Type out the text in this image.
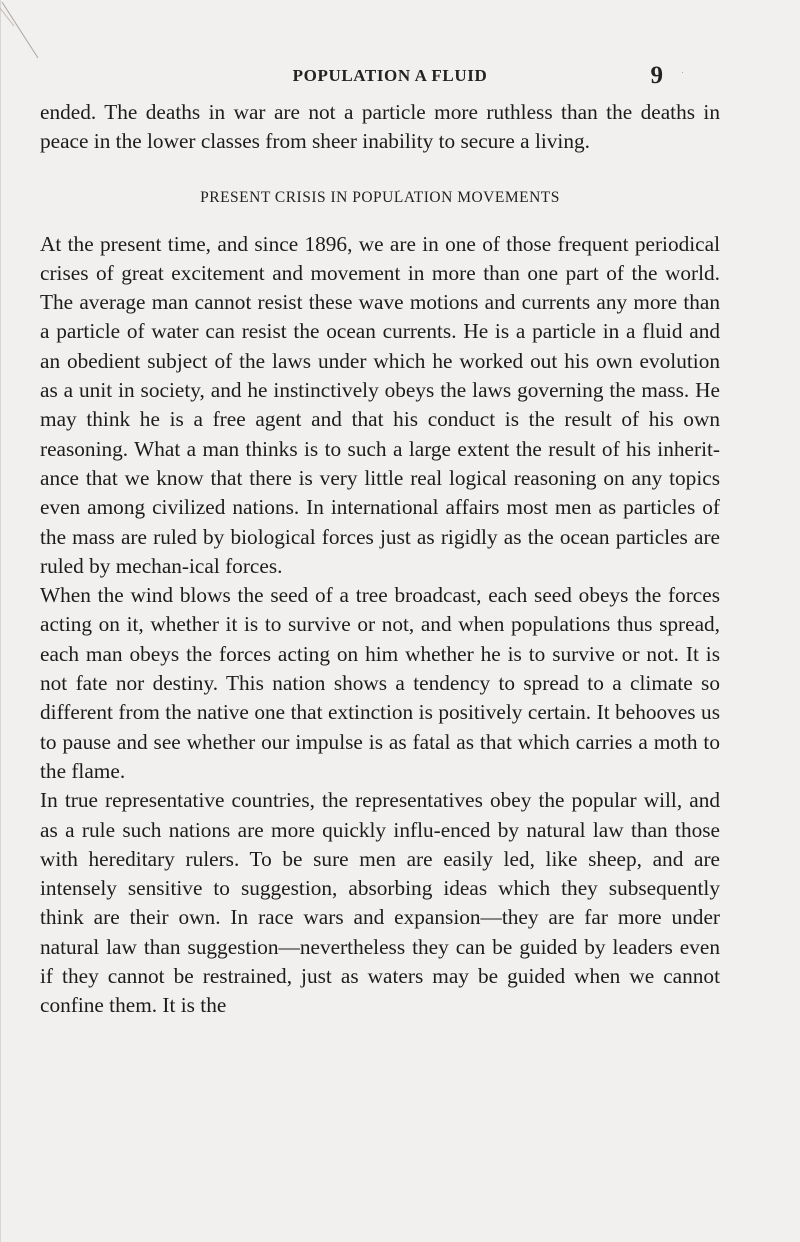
POPULATION A FLUID	9

ended. The deaths in war are not a particle more ruthless than the deaths in peace in the lower classes from sheer inability to secure a living.

PRESENT CRISIS IN POPULATION MOVEMENTS

At the present time, and since 1896, we are in one of those frequent periodical crises of great excitement and movement in more than one part of the world. The average man cannot resist these wave motions and currents any more than a particle of water can resist the ocean currents. He is a particle in a fluid and an obedient subject of the laws under which he worked out his own evolution as a unit in society, and he instinctively obeys the laws governing the mass. He may think he is a free agent and that his conduct is the result of his own reasoning. What a man thinks is to such a large extent the result of his inherit-ance that we know that there is very little real logical reasoning on any topics even among civilized nations. In international affairs most men as particles of the mass are ruled by biological forces just as rigidly as the ocean particles are ruled by mechan-ical forces.

When the wind blows the seed of a tree broadcast, each seed obeys the forces acting on it, whether it is to survive or not, and when populations thus spread, each man obeys the forces acting on him whether he is to survive or not. It is not fate nor destiny. This nation shows a tendency to spread to a climate so different from the native one that extinction is positively certain. It behooves us to pause and see whether our impulse is as fatal as that which carries a moth to the flame.

In true representative countries, the representatives obey the popular will, and as a rule such nations are more quickly influ-enced by natural law than those with hereditary rulers. To be sure men are easily led, like sheep, and are intensely sensitive to suggestion, absorbing ideas which they subsequently think are their own. In race wars and expansion—they are far more under natural law than suggestion—nevertheless they can be guided by leaders even if they cannot be restrained, just as waters may be guided when we cannot confine them. It is the
